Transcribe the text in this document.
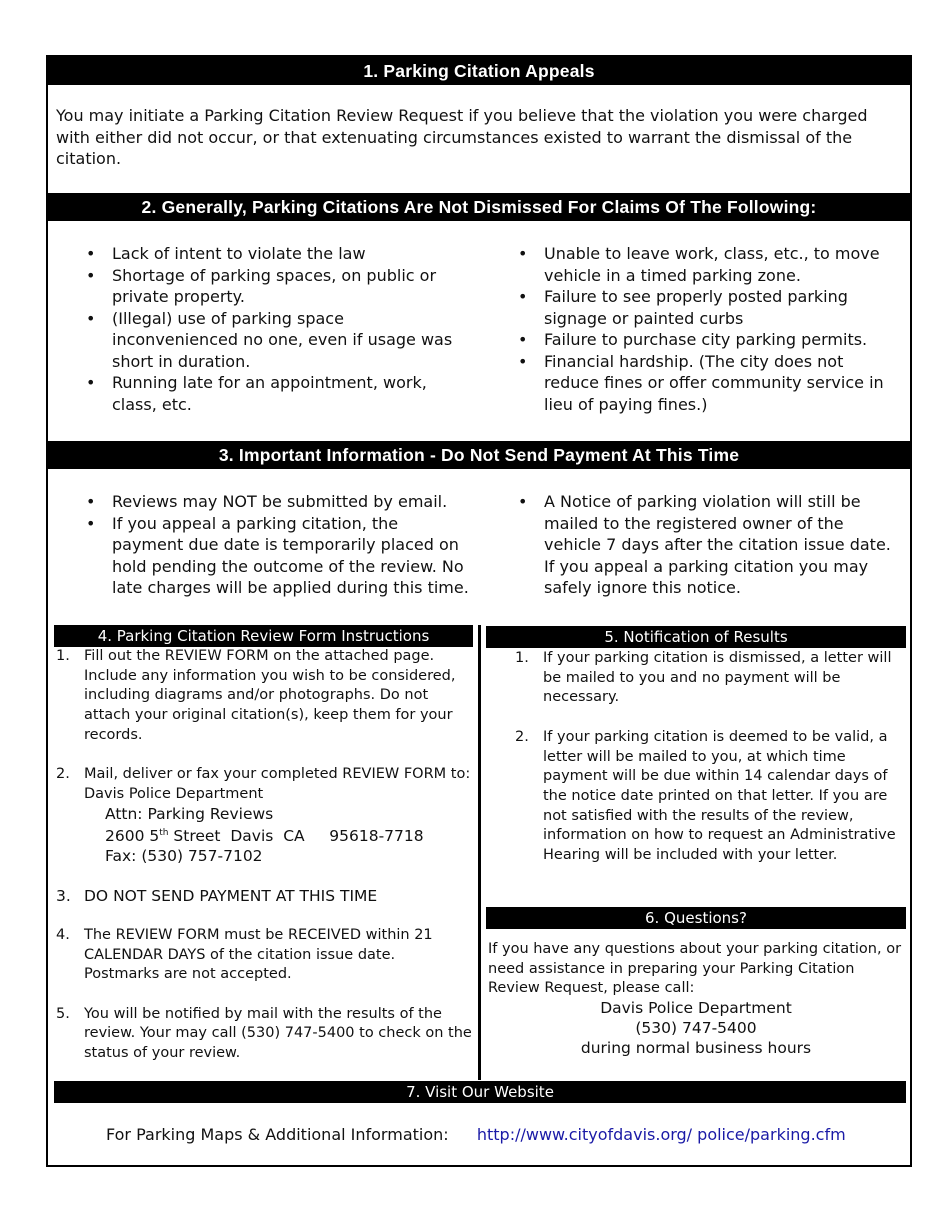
1. Parking Citation Appeals
You may initiate a Parking Citation Review Request if you believe that the violation you were charged with either did not occur, or that extenuating circumstances existed to warrant the dismissal of the citation.
2. Generally, Parking Citations Are Not Dismissed For Claims Of The Following:
• Lack of intent to violate the law
• Shortage of parking spaces, on public or private property.
• (Illegal) use of parking space inconvenienced no one, even if usage was short in duration.
• Running late for an appointment, work, class, etc.
• Unable to leave work, class, etc., to move vehicle in a timed parking zone.
• Failure to see properly posted parking signage or painted curbs
• Failure to purchase city parking permits.
• Financial hardship. (The city does not reduce fines or offer community service in lieu of paying fines.)
3. Important Information - Do Not Send Payment At This Time
• Reviews may NOT be submitted by email.
• If you appeal a parking citation, the payment due date is temporarily placed on hold pending the outcome of the review. No late charges will be applied during this time.
• A Notice of parking violation will still be mailed to the registered owner of the vehicle 7 days after the citation issue date. If you appeal a parking citation you may safely ignore this notice.
4. Parking Citation Review Form Instructions
1. Fill out the REVIEW FORM on the attached page. Include any information you wish to be considered, including diagrams and/or photographs. Do not attach your original citation(s), keep them for your records.
2. Mail, deliver or fax your completed REVIEW FORM to: Davis Police Department
Attn: Parking Reviews
2600 5th Street  Davis  CA     95618-7718
Fax: (530) 757-7102
3. DO NOT SEND PAYMENT AT THIS TIME
4. The REVIEW FORM must be RECEIVED within 21 CALENDAR DAYS of the citation issue date. Postmarks are not accepted.
5. You will be notified by mail with the results of the review. Your may call (530) 747-5400 to check on the status of your review.
5. Notification of Results
1. If your parking citation is dismissed, a letter will be mailed to you and no payment will be necessary.
2. If your parking citation is deemed to be valid, a letter will be mailed to you, at which time payment will be due within 14 calendar days of the notice date printed on that letter. If you are not satisfied with the results of the review, information on how to request an Administrative Hearing will be included with your letter.
6. Questions?
If you have any questions about your parking citation, or need assistance in preparing your Parking Citation Review Request, please call:
Davis Police Department
(530) 747-5400
during normal business hours
7. Visit Our Website
For Parking Maps & Additional Information: http://www.cityofdavis.org/ police/parking.cfm
